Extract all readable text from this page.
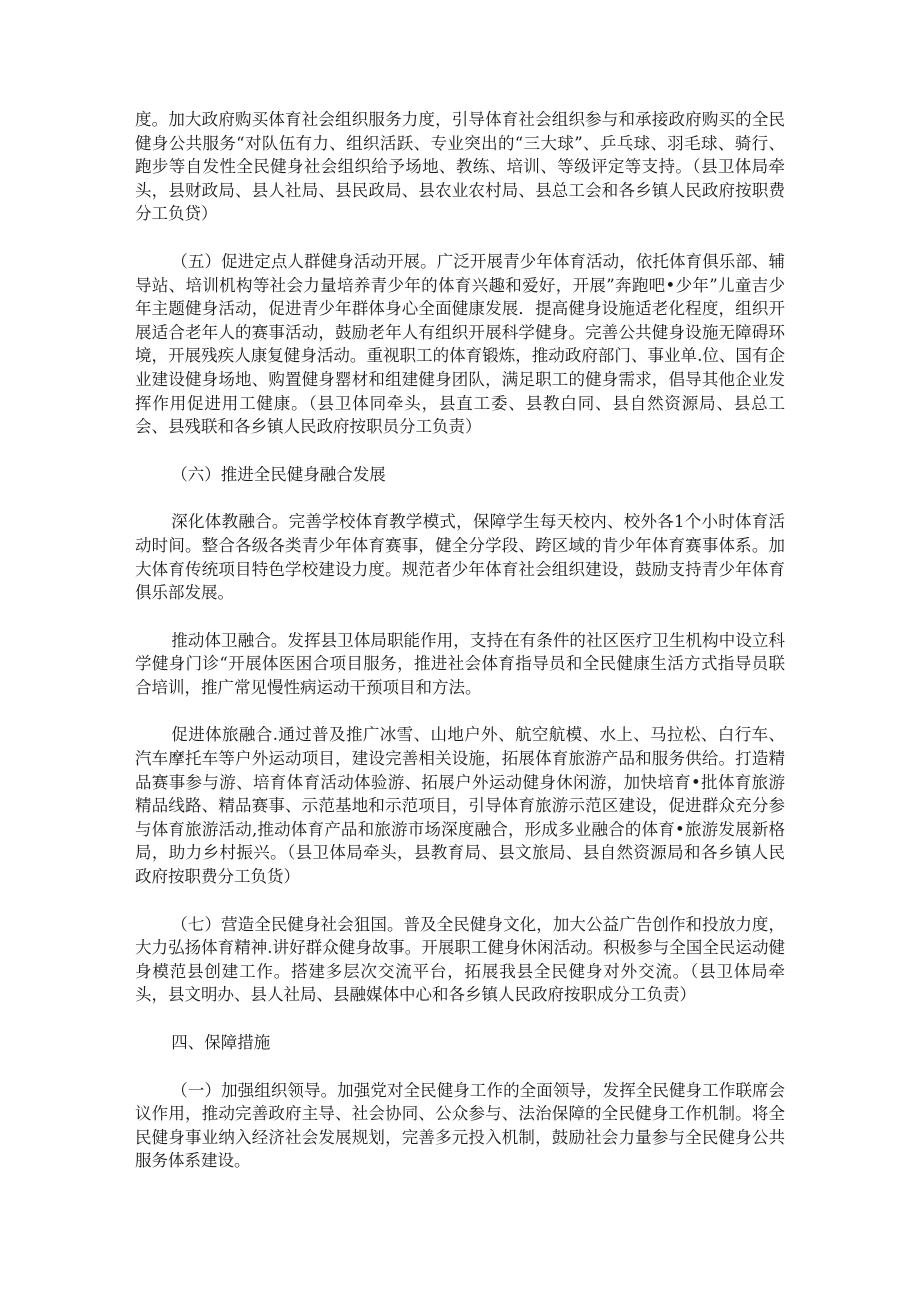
度。加大政府购买体育社会组织服务力度，引导体育社会组织参与和承接政府购买的全民健身公共服务“对队伍有力、组织活跃、专业突出的“三大球”、乒乓球、羽毛球、骑行、跑步等自发性全民健身社会组织给予场地、教练、培训、等级评定等支持。（县卫体局牵头，县财政局、县人社局、县民政局、县农业农村局、县总工会和各乡镇人民政府按职费分工负贷）

（五）促进定点人群健身活动开展。广泛开展青少年体育活动，依托体育俱乐部、辅导站、培训机构等社会力量培养青少年的体育兴趣和爱好，开展”奔跑吧•少年”儿童吉少年主题健身活动，促进青少年群体身心全面健康发展．提高健身设施适老化程度，组织开展适合老年人的赛事活动，鼓励老年人有组织开展科学健身。完善公共健身设施无障碍环境，开展残疾人康复健身活动。重视职工的体育锻炼，推动政府部门、事业单.位、国有企业建设健身场地、购置健身罂材和组建健身团队，满足职工的健身需求，倡导其他企业发挥作用促进用工健康。（县卫体同牵头，县直工委、县教白同、县自然资源局、县总工会、县残联和各乡镇人民政府按职员分工负责）

（六）推进全民健身融合发展

深化体教融合。完善学校体育教学模式，保障学生每天校内、校外各1个小时体育活动时间。整合各级各类青少年体育赛事，健全分学段、跨区域的肯少年体育赛事体系。加大体育传统项目特色学校建设力度。规范者少年体育社会组织建设，鼓励支持青少年体育俱乐部发展。

推动体卫融合。发挥县卫体局职能作用，支持在有条件的社区医疗卫生机构中设立科学健身门诊“开展体医困合项目服务，推进社会体育指导员和全民健康生活方式指导员联合培训，推广常见慢性病运动干预项目和方法。

促进体旅融合.通过普及推广冰雪、山地户外、航空航模、水上、马拉松、白行车、汽车摩托车等户外运动项目，建设完善相关设施，拓展体育旅游产品和服务供给。打造精品赛事参与游、培育体育活动体验游、拓展户外运动健身休闲游，加快培育•批体育旅游精品线路、精品赛事、示范基地和示范项目，引导体育旅游示范区建设，促进群众充分参与体育旅游活动,推动体育产品和旅游市场深度融合，形成多业融合的体育•旅游发展新格局，助力乡村振兴。（县卫体局牵头，县教育局、县文旅局、县自然资源局和各乡镇人民政府按职费分工负货）

（七）营造全民健身社会狙国。普及全民健身文化，加大公益广告创作和投放力度，大力弘扬体育精神.讲好群众健身故事。开展职工健身休闲活动。积极参与全国全民运动健身模范县创建工作。搭建多层次交流平台，拓展我县全民健身对外交流。（县卫体局牵头，县文明办、县人社局、县融媒体中心和各乡镇人民政府按职成分工负责）

四、保障措施

（一）加强组织领导。加强党对全民健身工作的全面领导，发挥全民健身工作联席会议作用，推动完善政府主导、社会协同、公众参与、法治保障的全民健身工作机制。将全民健身事业纳入经济社会发展规划，完善多元投入机制，鼓励社会力量参与全民健身公共服务体系建设。
